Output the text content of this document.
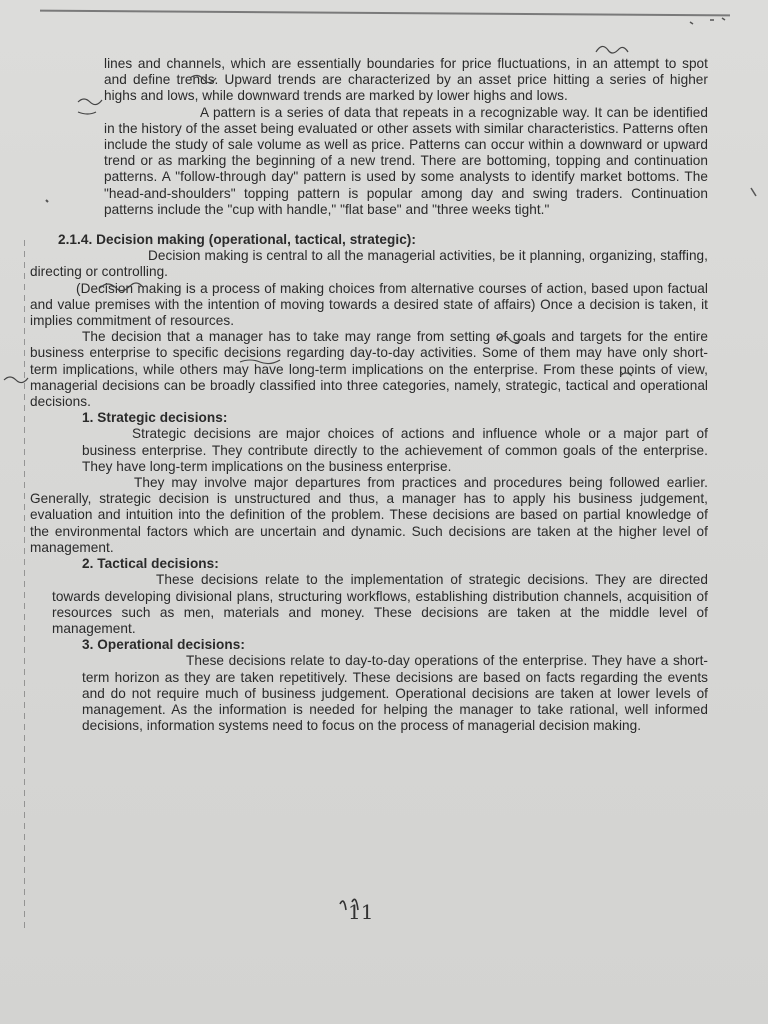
lines and channels, which are essentially boundaries for price fluctuations, in an attempt to spot and define trends. Upward trends are characterized by an asset price hitting a series of higher highs and lows, while downward trends are marked by lower highs and lows.

A pattern is a series of data that repeats in a recognizable way. It can be identified in the history of the asset being evaluated or other assets with similar characteristics. Patterns often include the study of sale volume as well as price. Patterns can occur within a downward or upward trend or as marking the beginning of a new trend. There are bottoming, topping and continuation patterns. A "follow-through day" pattern is used by some analysts to identify market bottoms. The "head-and-shoulders" topping pattern is popular among day and swing traders. Continuation patterns include the "cup with handle," "flat base" and "three weeks tight."

2.1.4. Decision making (operational, tactical, strategic):

Decision making is central to all the managerial activities, be it planning, organizing, staffing, directing or controlling.

(Decision making is a process of making choices from alternative courses of action, based upon factual and value premises with the intention of moving towards a desired state of affairs) Once a decision is taken, it implies commitment of resources.

The decision that a manager has to take may range from setting of goals and targets for the entire business enterprise to specific decisions regarding day-to-day activities. Some of them may have only short-term implications, while others may have long-term implications on the enterprise. From these points of view, managerial decisions can be broadly classified into three categories, namely, strategic, tactical and operational decisions.

1. Strategic decisions:

Strategic decisions are major choices of actions and influence whole or a major part of business enterprise. They contribute directly to the achievement of common goals of the enterprise. They have long-term implications on the business enterprise.

They may involve major departures from practices and procedures being followed earlier. Generally, strategic decision is unstructured and thus, a manager has to apply his business judgement, evaluation and intuition into the definition of the problem. These decisions are based on partial knowledge of the environmental factors which are uncertain and dynamic. Such decisions are taken at the higher level of management.

2. Tactical decisions:

These decisions relate to the implementation of strategic decisions. They are directed towards developing divisional plans, structuring workflows, establishing distribution channels, acquisition of resources such as men, materials and money. These decisions are taken at the middle level of management.

3. Operational decisions:

These decisions relate to day-to-day operations of the enterprise. They have a short-term horizon as they are taken repetitively. These decisions are based on facts regarding the events and do not require much of business judgement. Operational decisions are taken at lower levels of management. As the information is needed for helping the manager to take rational, well informed decisions, information systems need to focus on the process of managerial decision making.

11
